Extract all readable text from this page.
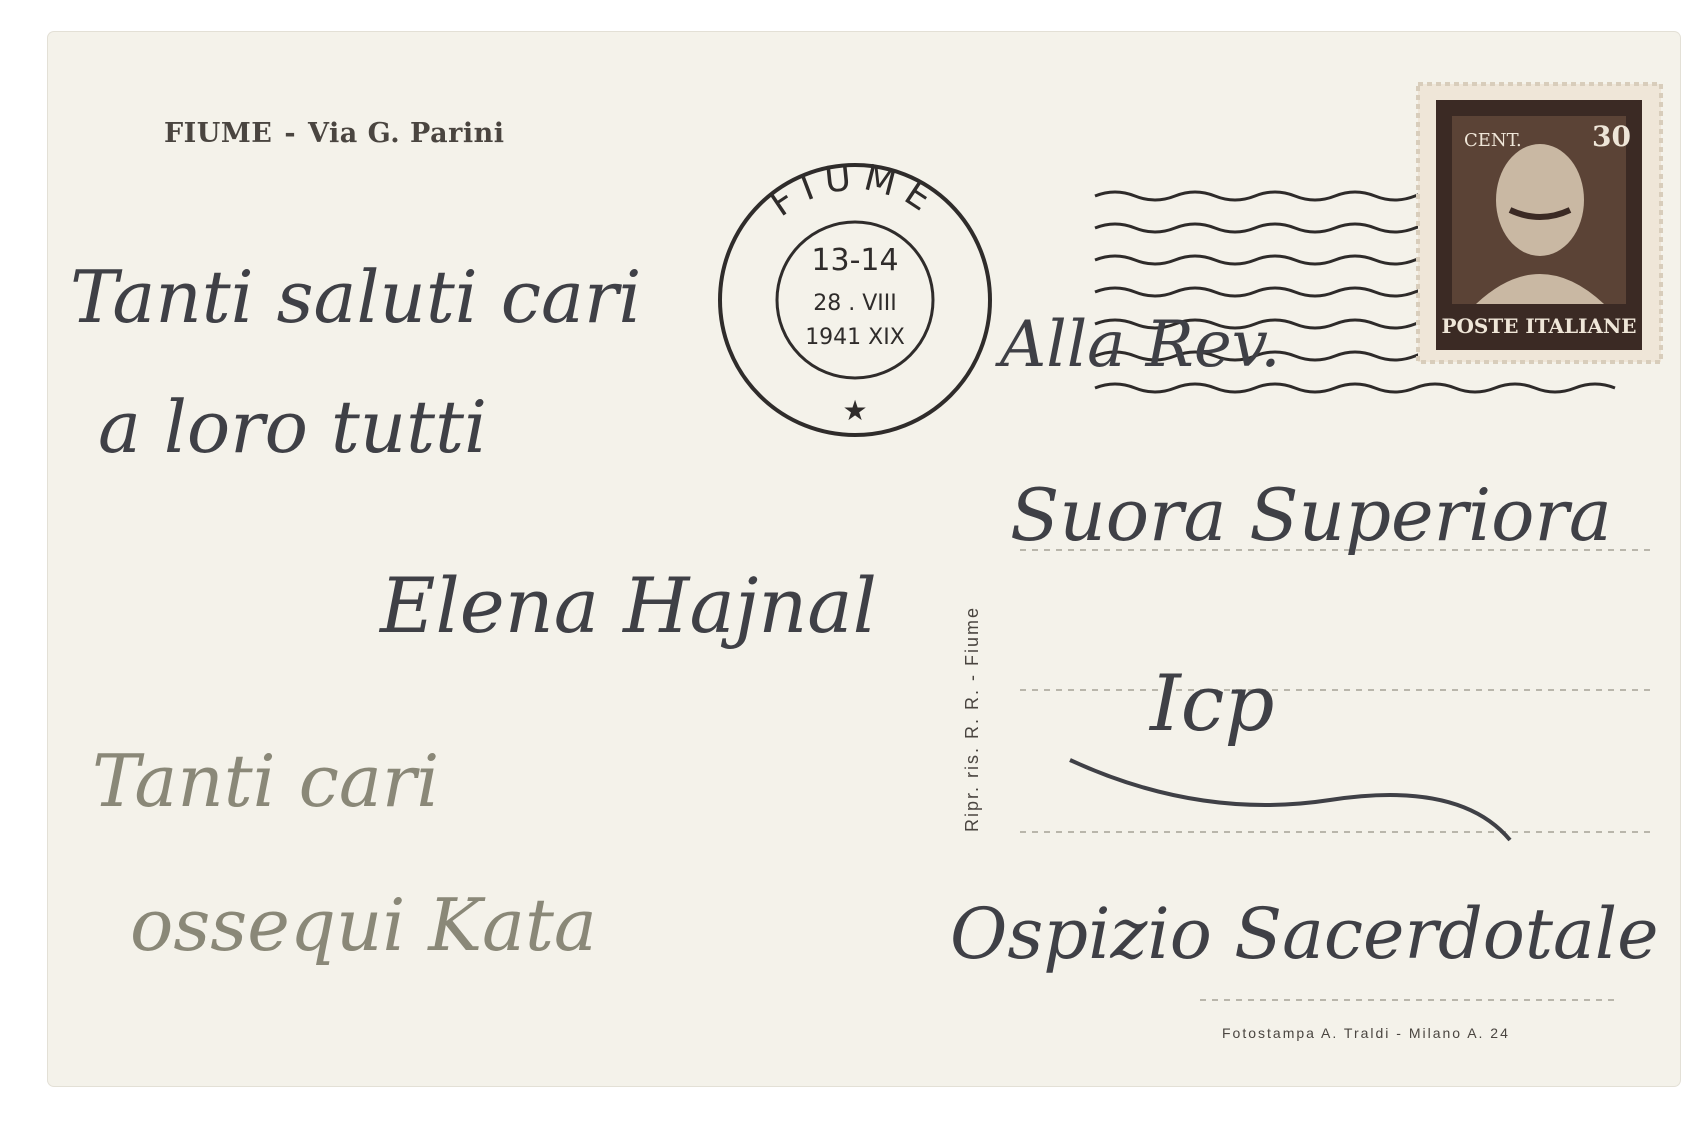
FIUME - Via G. Parini
FIUME
13-14
28 . VIII
1941 XIX
★
CENT.	30
POSTE ITALIANE
Tanti saluti cari
a loro tutti
Elena Hajnal
Tanti cari
ossequi Kata
Alla Rev.
Suora Superiora
Icp
Ospizio Sacerdotale
Ripr. ris. R. R. - Fiume
Fotostampa A. Traldi - Milano A. 24
